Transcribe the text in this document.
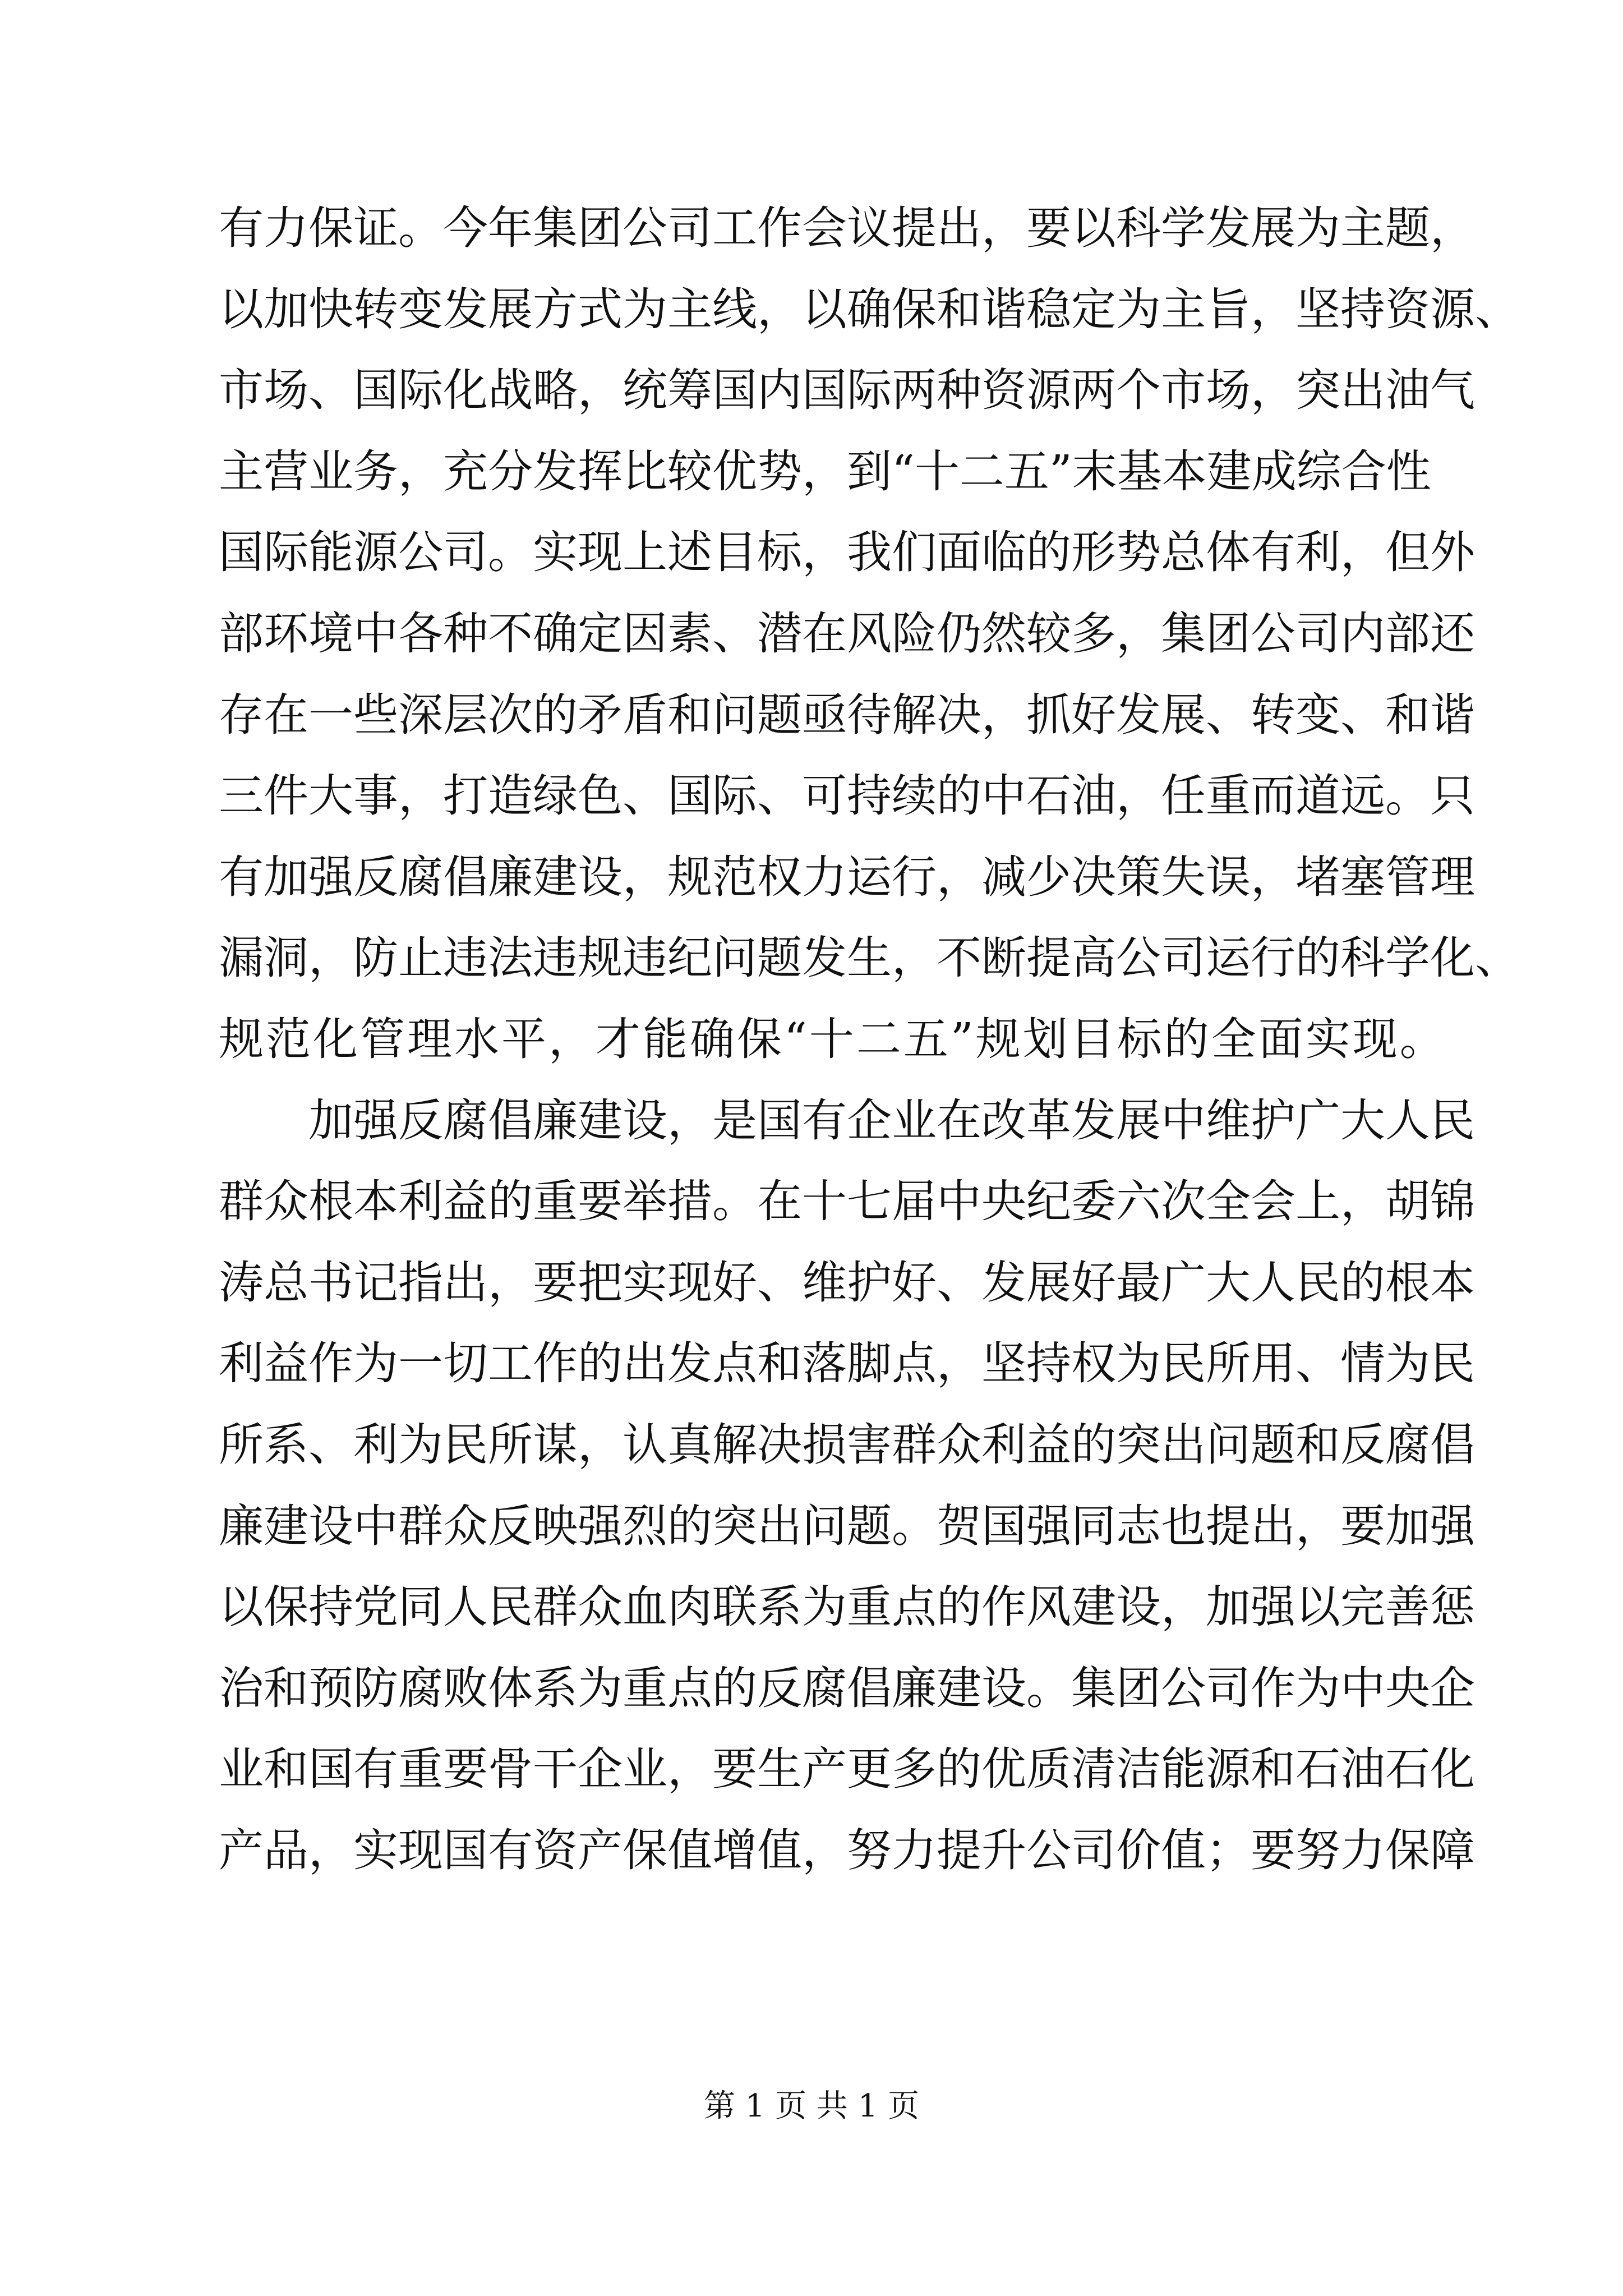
有力保证。今年集团公司工作会议提出，要以科学发展为主题，
以加快转变发展方式为主线，以确保和谐稳定为主旨，坚持资源、
市场、国际化战略，统筹国内国际两种资源两个市场，突出油气
主营业务，充分发挥比较优势，到“十二五”末基本建成综合性
国际能源公司。实现上述目标，我们面临的形势总体有利，但外
部环境中各种不确定因素、潜在风险仍然较多，集团公司内部还
存在一些深层次的矛盾和问题亟待解决，抓好发展、转变、和谐
三件大事，打造绿色、国际、可持续的中石油，任重而道远。只
有加强反腐倡廉建设，规范权力运行，减少决策失误，堵塞管理
漏洞，防止违法违规违纪问题发生，不断提高公司运行的科学化、
规范化管理水平，才能确保“十二五”规划目标的全面实现。
加强反腐倡廉建设，是国有企业在改革发展中维护广大人民
群众根本利益的重要举措。在十七届中央纪委六次全会上，胡锦
涛总书记指出，要把实现好、维护好、发展好最广大人民的根本
利益作为一切工作的出发点和落脚点，坚持权为民所用、情为民
所系、利为民所谋，认真解决损害群众利益的突出问题和反腐倡
廉建设中群众反映强烈的突出问题。贺国强同志也提出，要加强
以保持党同人民群众血肉联系为重点的作风建设，加强以完善惩
治和预防腐败体系为重点的反腐倡廉建设。集团公司作为中央企
业和国有重要骨干企业，要生产更多的优质清洁能源和石油石化
产品，实现国有资产保值增值，努力提升公司价值；要努力保障
第 1 页 共 1 页
